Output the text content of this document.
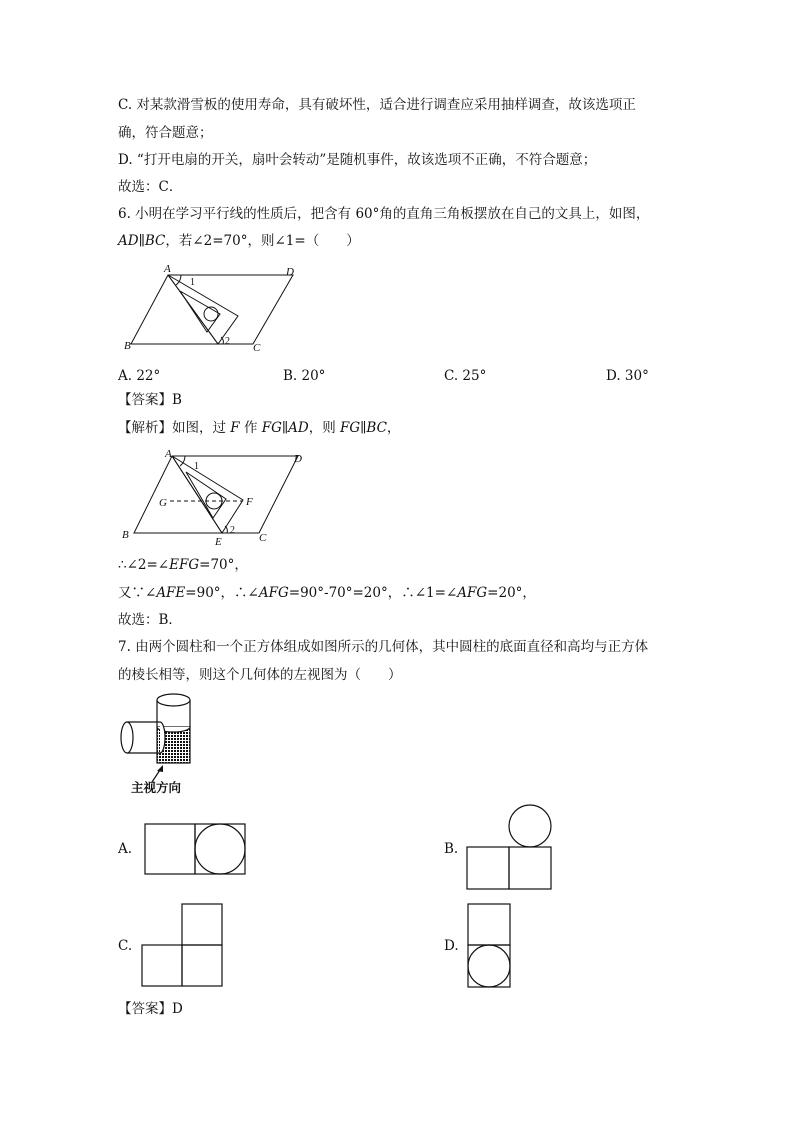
C. 对某款滑雪板的使用寿命，具有破坏性，适合进行调查应采用抽样调查，故该选项正
确，符合题意；
D. “打开电扇的开关，扇叶会转动”是随机事件，故该选项不正确，不符合题意；
故选：C．
6. 小明在学习平行线的性质后，把含有 60°角的直角三角板摆放在自己的文具上，如图，
AD∥BC，若∠2=70°，则∠1=（　　）
A	D
B	C
1
2
A. 22°	B. 20°	C. 25°	D. 30°
【答案】B
【解析】如图，过 F 作 FG∥AD，则 FG∥BC，
A	D
B	C
E
F
G
1
2
∴∠2=∠EFG=70°，
又∵∠AFE=90°，∴∠AFG=90°-70°=20°，∴∠1=∠AFG=20°，
故选：B．
7. 由两个圆柱和一个正方体组成如图所示的几何体，其中圆柱的底面直径和高均与正方体
的棱长相等，则这个几何体的左视图为（　　）
主视方向
A.	B.
C.	D.
【答案】D
